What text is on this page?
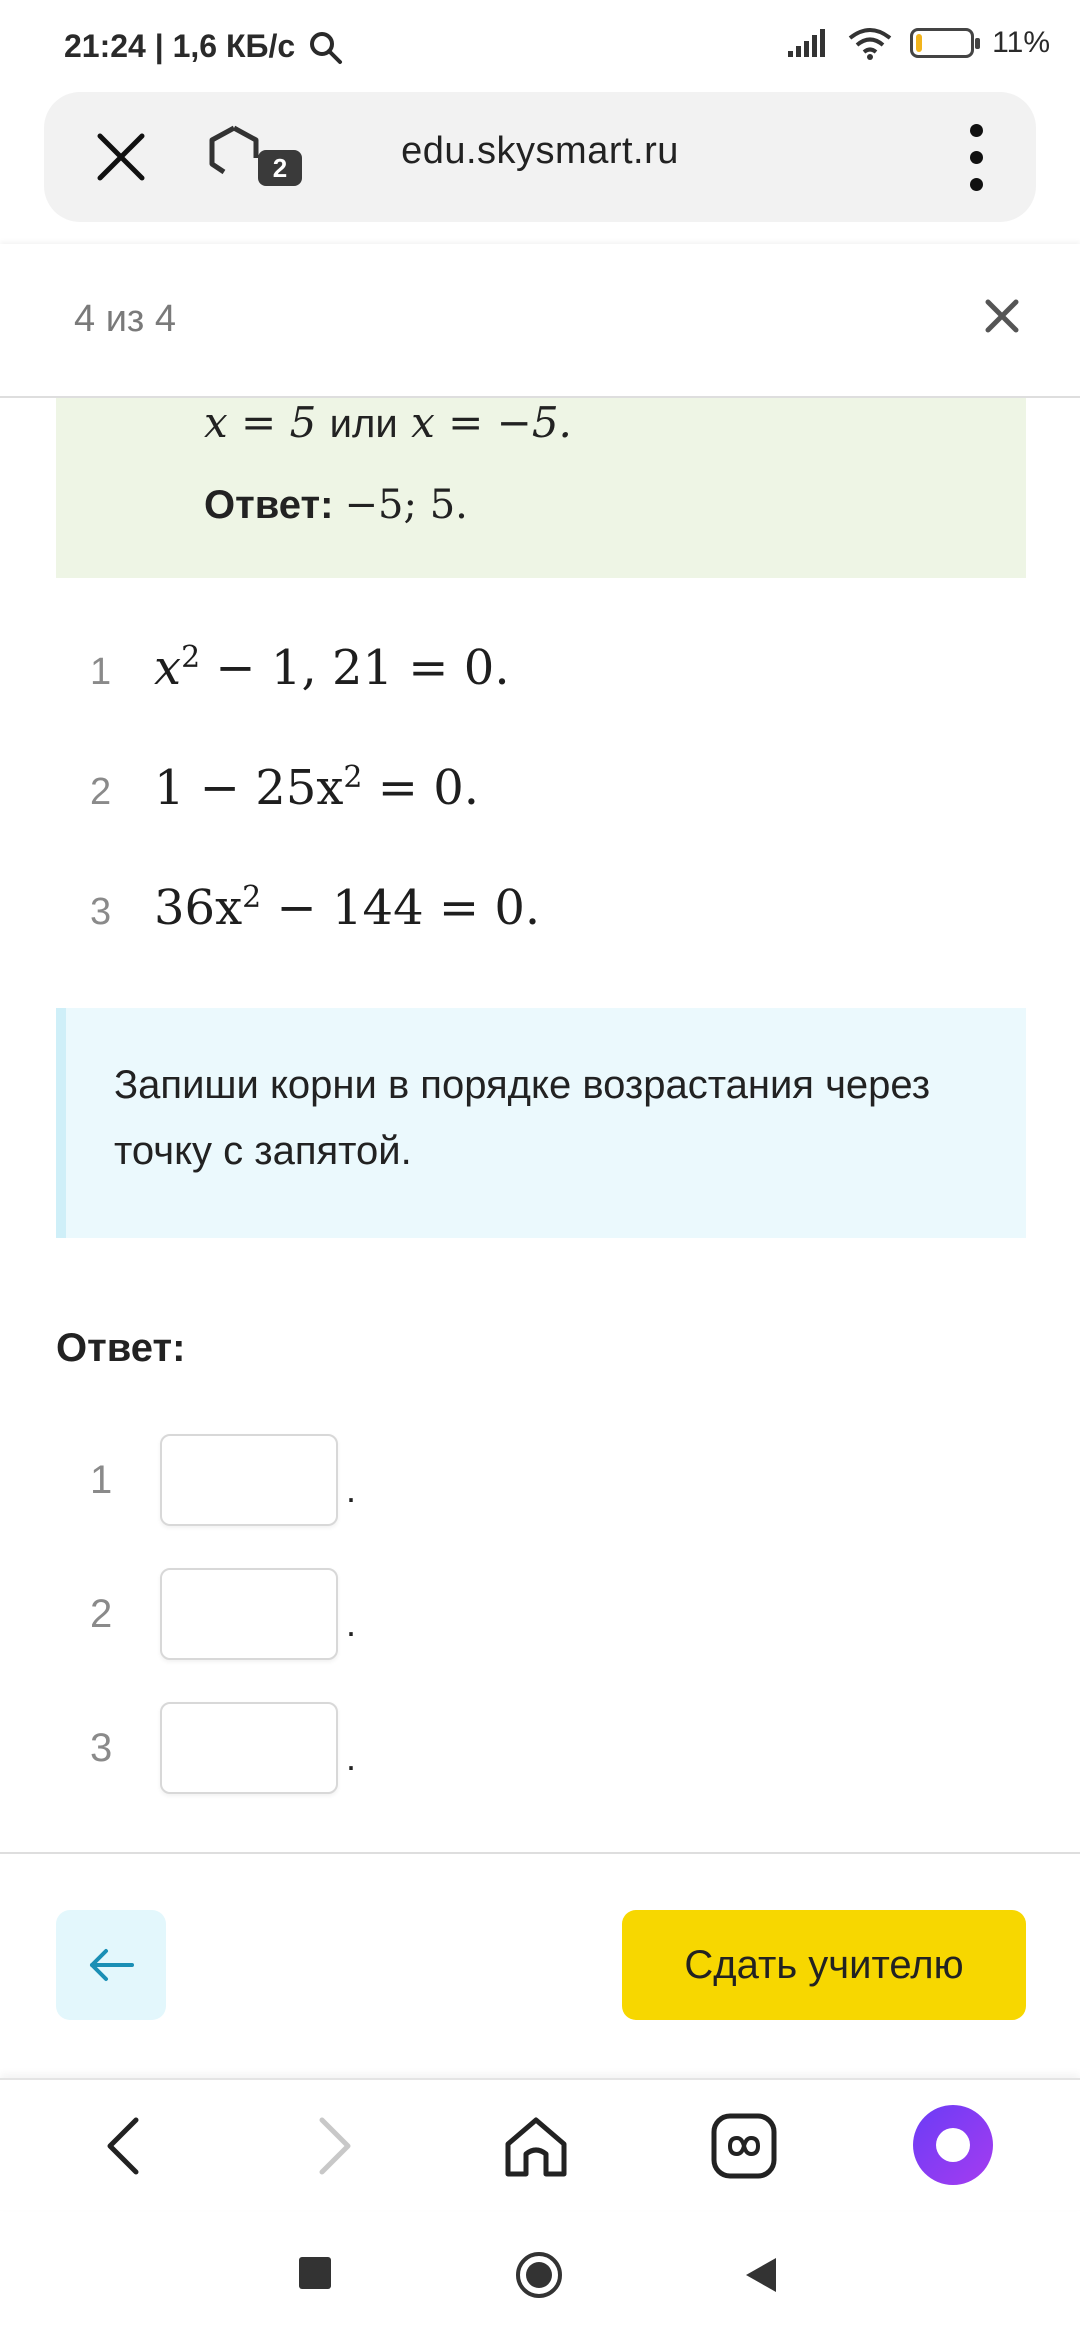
21:24 | 1,6 КБ/с	11%
2	edu.skysmart.ru
4 из 4
x = 5 или x = −5.
Ответ: −5; 5.
1 $x^2 - 1$, 21 = 0.
2 $1 - 25x^2 = 0$.
3 $36x^2 - 144 = 0$.
Запиши корни в порядке возрастания через точку с запятой.
Ответ:
1	.
2	.
3	.
Сдать учителю
